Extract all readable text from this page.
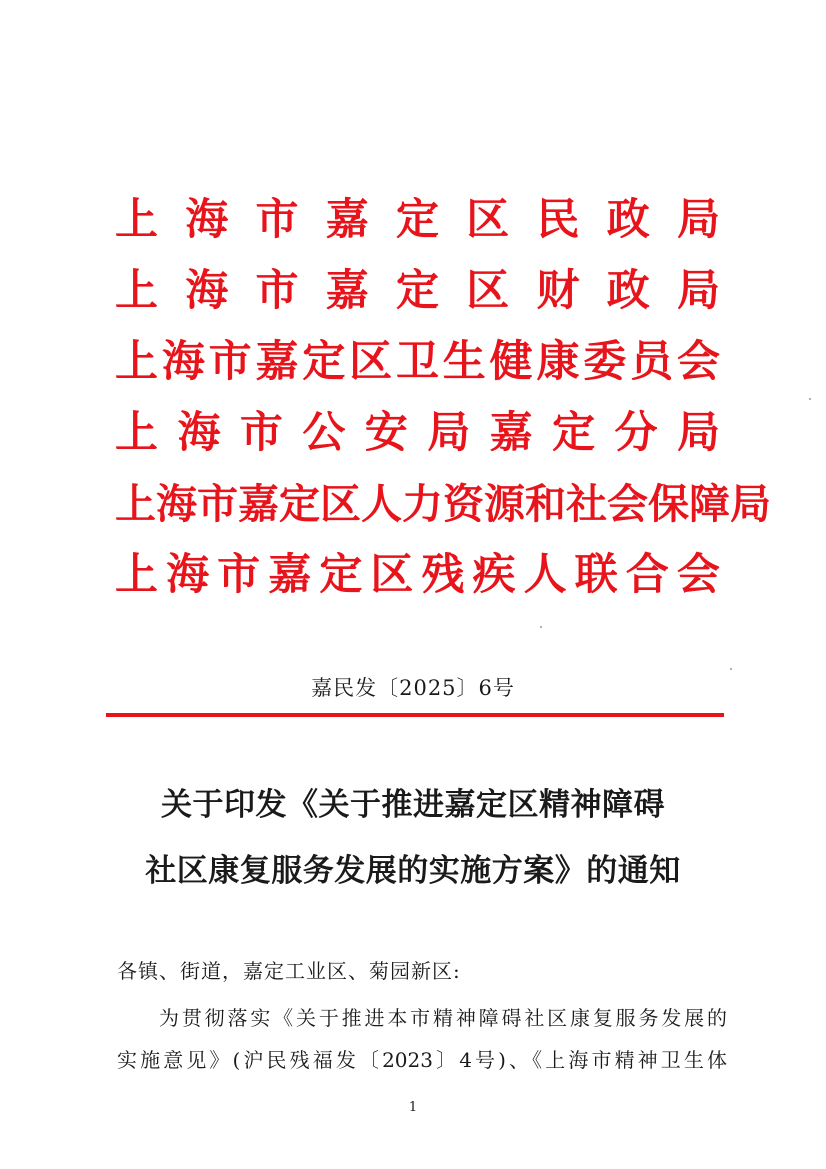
上 海 市 嘉 定 区 民 政 局
上 海 市 嘉 定 区 财 政 局
上 海 市 嘉 定 区 卫 生 健 康 委 员 会
上 海 市 公 安 局 嘉 定 分 局
上 海 市 嘉 定 区 人 力 资 源 和 社 会 保 障 局
上 海 市 嘉 定 区 残 疾 人 联 合 会
嘉民发〔2025〕6号
关于印发《关于推进嘉定区精神障碍
社区康复服务发展的实施方案》的通知
各镇、街道，嘉定工业区、菊园新区:
为贯彻落实《关于推进本市精神障碍社区康复服务发展的
实施意见》(沪民残福发〔2023〕4号)、《上海市精神卫生体
1
